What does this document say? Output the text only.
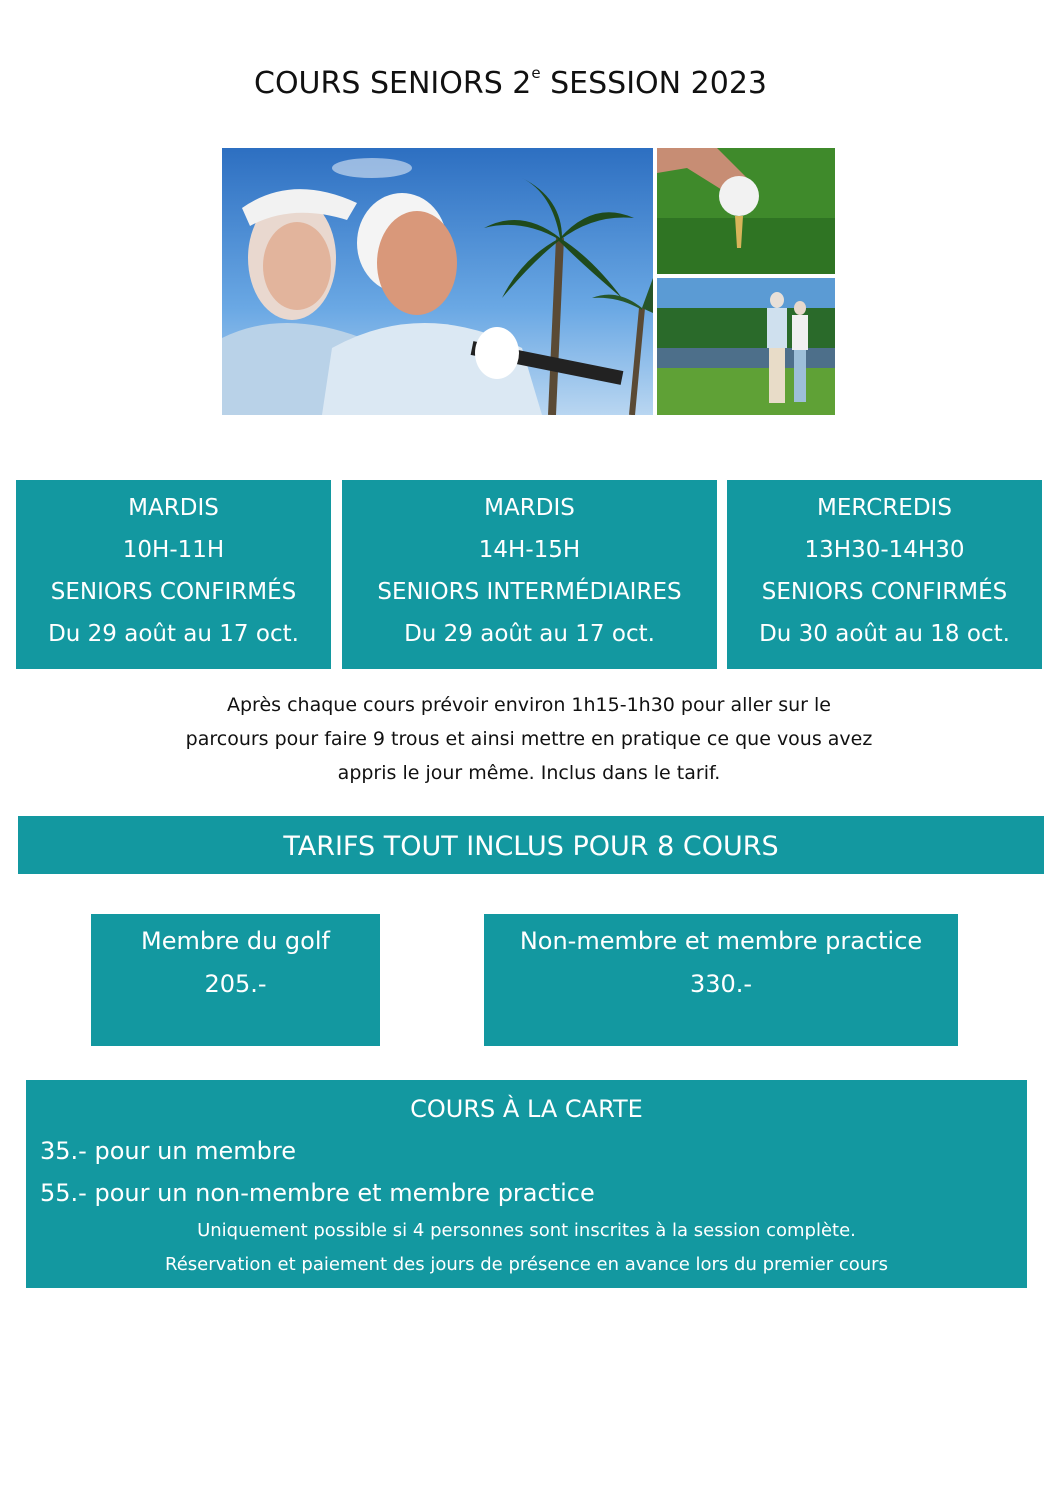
COURS SENIORS 2e SESSION 2023
MARDIS
10H-11H
SENIORS CONFIRMÉS
Du 29 août au 17 oct.
MARDIS
14H-15H
SENIORS INTERMÉDIAIRES
Du 29 août au 17 oct.
MERCREDIS
13H30-14H30
SENIORS CONFIRMÉS
Du 30 août au 18 oct.
Après chaque cours prévoir environ 1h15-1h30 pour aller sur le
parcours pour faire 9 trous et ainsi mettre en pratique ce que vous avez
appris le jour même. Inclus dans le tarif.
TARIFS TOUT INCLUS POUR 8 COURS
Membre du golf
205.-
Non-membre et membre practice
330.-
COURS À LA CARTE
35.- pour un membre
55.- pour un non-membre et membre practice
Uniquement possible si 4 personnes sont inscrites à la session complète.
Réservation et paiement des jours de présence en avance lors du premier cours
